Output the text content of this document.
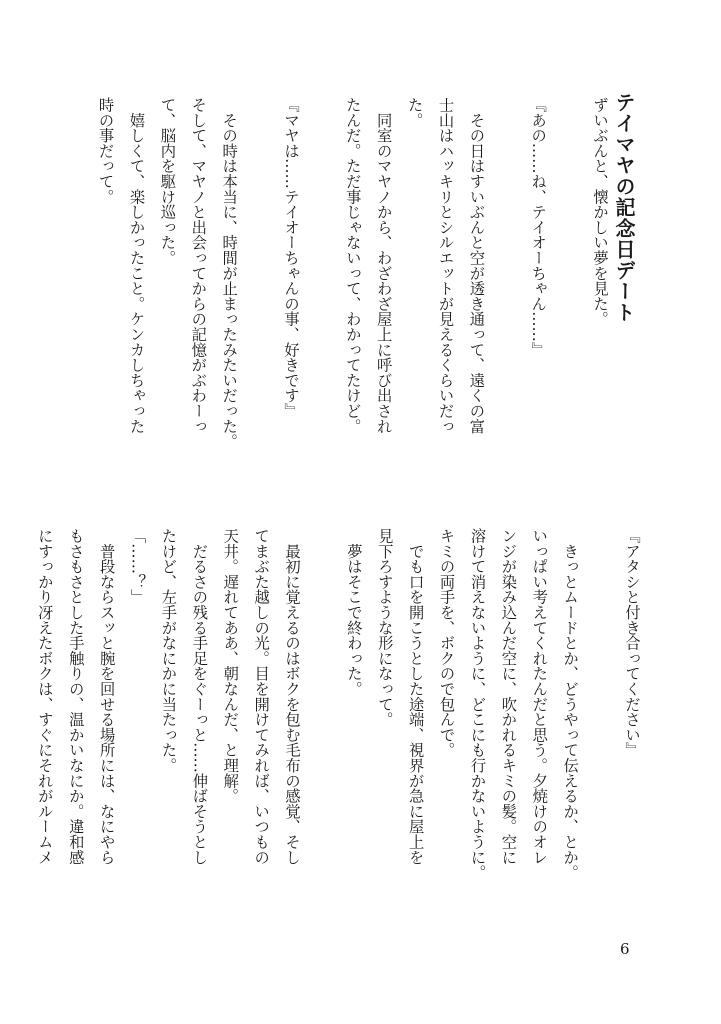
テイマヤの記念日デート
ずいぶんと、懐かしい夢を見た。
『あの……ね、テイオーちゃん……』
　その日はすいぶんと空が透き通って、遠くの富
士山はハッキリとシルエットが見えるくらいだっ
た。
　同室のマヤノから、わざわざ屋上に呼び出され
たんだ。ただ事じゃないって、わかってたけど。
『マヤは……テイオーちゃんの事、好きです』
　その時は本当に、時間が止まったみたいだった。
そして、マヤノと出会ってからの記憶がぶわーっ
て、脳内を駆け巡った。
　嬉しくて、楽しかったこと。ケンカしちゃった
時の事だって。
『アタシと付き合ってください』
　きっとムードとか、どうやって伝えるか、とか。
いっぱい考えてくれたんだと思う。夕焼けのオレ
ンジが染み込んだ空に、吹かれるキミの髪。空に
溶けて消えないように、どこにも行かないように。
キミの両手を、ボクので包んで。
　でも口を開こうとした途端、視界が急に屋上を
見下ろすような形になって。
　夢はそこで終わった。
　最初に覚えるのはボクを包む毛布の感覚、そし
てまぶた越しの光。目を開けてみれば、いつもの
天井。遅れてああ、朝なんだ、と理解。
　だるさの残る手足をぐーっと……伸ばそうとし
たけど、左手がなにかに当たった。
「……？」
　普段ならスッと腕を回せる場所には、なにやら
もさもさとした手触りの、温かいなにか。違和感
にすっかり冴えたボクは、すぐにそれがルームメ
6
